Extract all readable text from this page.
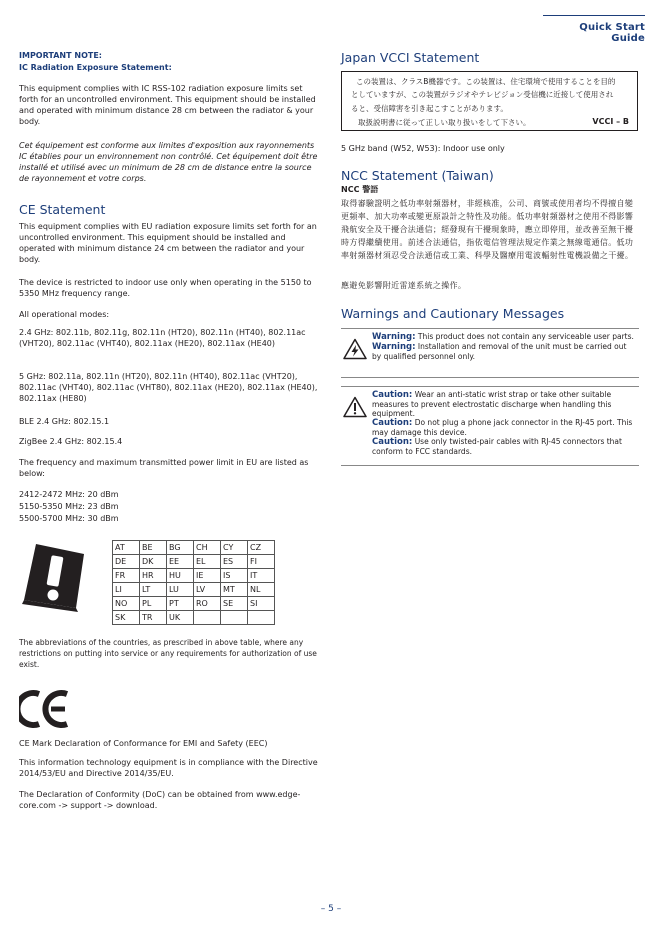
Quick Start Guide

IMPORTANT NOTE:

IC Radiation Exposure Statement:

This equipment complies with IC RSS-102 radiation exposure limits set forth for an uncontrolled environment. This equipment should be installed and operated with minimum distance 28 cm between the radiator & your body.

Cet équipement est conforme aux limites d'exposition aux rayonnements IC établies pour un environnement non contrôlé. Cet équipement doit être installé et utilisé avec un minimum de 28 cm de distance entre la source de rayonnement et votre corps.

CE Statement

This equipment complies with EU radiation exposure limits set forth for an uncontrolled environment. This equipment should be installed and operated with minimum distance 24 cm between the radiator and your body.

The device is restricted to indoor use only when operating in the 5150 to 5350 MHz frequency range.

All operational modes:

2.4 GHz: 802.11b, 802.11g, 802.11n (HT20), 802.11n (HT40), 802.11ac (VHT20), 802.11ac (VHT40), 802.11ax (HE20), 802.11ax (HE40)

5 GHz: 802.11a, 802.11n (HT20), 802.11n (HT40), 802.11ac (VHT20), 802.11ac (VHT40), 802.11ac (VHT80), 802.11ax (HE20), 802.11ax (HE40), 802.11ax (HE80)

BLE 2.4 GHz: 802.15.1

ZigBee 2.4 GHz: 802.15.4

The frequency and maximum transmitted power limit in EU are listed as below:

2412-2472 MHz: 20 dBm

5150-5350 MHz: 23 dBm

5500-5700 MHz: 30 dBm

AT	BE	BG	CH	CY	CZ
DE	DK	EE	EL	ES	FI
FR	HR	HU	IE	IS	IT
LI	LT	LU	LV	MT	NL
NO	PL	PT	RO	SE	SI
SK	TR	UK			

The abbreviations of the countries, as prescribed in above table, where any restrictions on putting into service or any requirements for authorization of use exist.

CE Mark Declaration of Conformance for EMI and Safety (EEC)

This information technology equipment is in compliance with the Directive 2014/53/EU and Directive 2014/35/EU.

The Declaration of Conformity (DoC) can be obtained from www.edge-core.com -> support -> download.

Japan VCCI Statement
この装置は、クラスB機器です。この装置は、住宅環境で使用することを目的
としていますが、この装置がラジオやテレビジョン受信機に近接して使用され
ると、受信障害を引き起こすことがあります。
取扱説明書に従って正しい取り扱いをして下さい。	VCCI – B

5 GHz band (W52, W53): Indoor use only

NCC Statement (Taiwan)

NCC 警語

取得審驗證明之低功率射頻器材，非經核准，公司、商號或使用者均不得擅自變更頻率、加大功率或變更原設計之特性及功能。低功率射頻器材之使用不得影響飛航安全及干擾合法通信；經發現有干擾現象時，應立即停用，並改善至無干擾時方得繼續使用。前述合法通信，指依電信管理法規定作業之無線電通信。低功率射頻器材須忍受合法通信或工業、科學及醫療用電波輻射性電機設備之干擾。

應避免影響附近雷達系統之操作。

Warnings and Cautionary Messages
Warning: This product does not contain any serviceable user parts.
Warning: Installation and removal of the unit must be carried out by qualified personnel only.
Caution: Wear an anti-static wrist strap or take other suitable measures to prevent electrostatic discharge when handling this equipment.
Caution: Do not plug a phone jack connector in the RJ-45 port. This may damage this device.
Caution: Use only twisted-pair cables with RJ-45 connectors that conform to FCC standards.
– 5 –
